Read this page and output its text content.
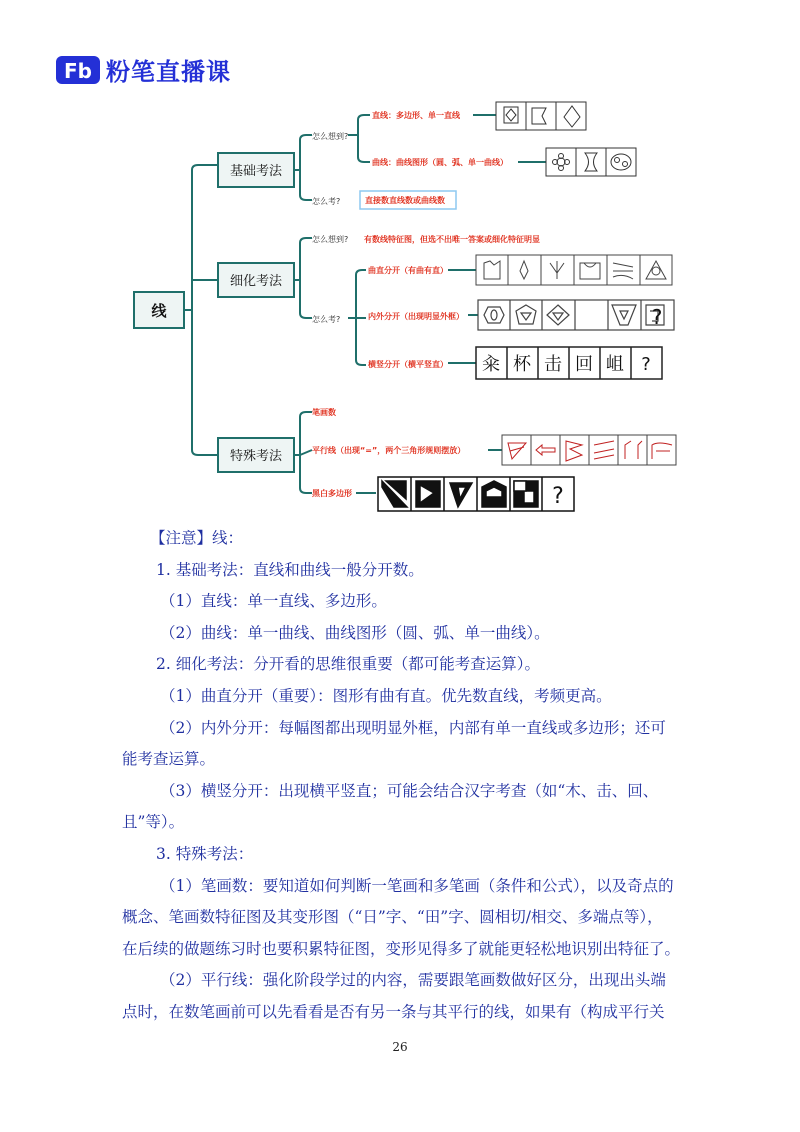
Fb 粉笔直播课
线
基础考法
细化考法
特殊考法
怎么想到?
怎么考?
直线：多边形、单一直线
曲线：曲线图形（圆、弧、单一曲线）
直接数直线数或曲线数
怎么想到?
怎么考?
有数线特征图，但选不出唯一答案或细化特征明显
曲直分开（有曲有直）
内外分开（出现明显外框）
横竖分开（横平竖直）
?
籴 杯 击 回 岨 ?
笔画数
平行线（出现“=”，两个三角形规则摆放）
黑白多边形	?

【注意】线：

1. 基础考法：直线和曲线一般分开数。

（1）直线：单一直线、多边形。

（2）曲线：单一曲线、曲线图形（圆、弧、单一曲线）。

2. 细化考法：分开看的思维很重要（都可能考查运算）。

（1）曲直分开（重要）：图形有曲有直。优先数直线，考频更高。

（2）内外分开：每幅图都出现明显外框，内部有单一直线或多边形；还可

能考查运算。

（3）横竖分开：出现横平竖直；可能会结合汉字考查（如“木、击、回、

且”等）。

3. 特殊考法：

（1）笔画数：要知道如何判断一笔画和多笔画（条件和公式），以及奇点的

概念、笔画数特征图及其变形图（“日”字、“田”字、圆相切/相交、多端点等），

在后续的做题练习时也要积累特征图，变形见得多了就能更轻松地识别出特征了。

（2）平行线：强化阶段学过的内容，需要跟笔画数做好区分，出现出头端

点时，在数笔画前可以先看看是否有另一条与其平行的线，如果有（构成平行关

26
